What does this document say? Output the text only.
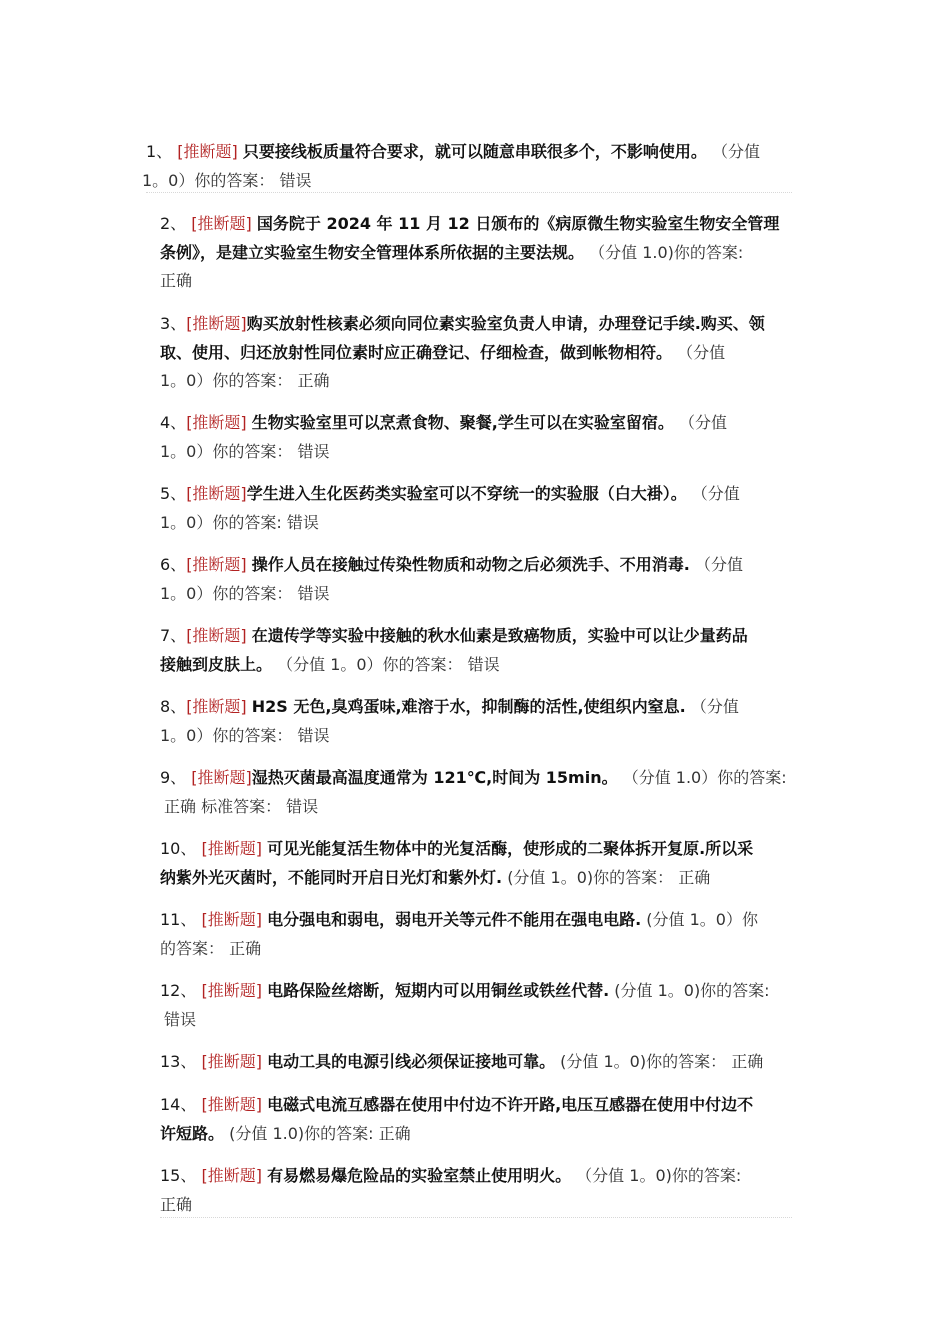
1、 [推断题] 只要接线板质量符合要求，就可以随意串联很多个，不影响使用。 （分值
1。0）你的答案： 错误
2、 [推断题] 国务院于 2024 年 11 月 12 日颁布的《病原微生物实验室生物安全管理
条例》，是建立实验室生物安全管理体系所依据的主要法规。 （分值 1.0)你的答案:
正确
3、[推断题]购买放射性核素必须向同位素实验室负责人申请，办理登记手续.购买、领
取、使用、归还放射性同位素时应正确登记、仔细检查，做到帐物相符。 （分值
1。0）你的答案： 正确
4、[推断题] 生物实验室里可以烹煮食物、聚餐,学生可以在实验室留宿。 （分值
1。0）你的答案： 错误
5、[推断题]学生进入生化医药类实验室可以不穿统一的实验服（白大褂）。 （分值
1。0）你的答案: 错误
6、[推断题] 操作人员在接触过传染性物质和动物之后必须洗手、不用消毒. （分值
1。0）你的答案： 错误
7、[推断题] 在遗传学等实验中接触的秋水仙素是致癌物质，实验中可以让少量药品
接触到皮肤上。 （分值 1。0）你的答案： 错误
8、[推断题] H2S 无色,臭鸡蛋味,难溶于水，抑制酶的活性,使组织内窒息. （分值
1。0）你的答案： 错误
9、 [推断题]湿热灭菌最高温度通常为 121℃,时间为 15min。 （分值 1.0）你的答案:
正确 标准答案： 错误
10、 [推断题] 可见光能复活生物体中的光复活酶，使形成的二聚体拆开复原.所以采
纳紫外光灭菌时，不能同时开启日光灯和紫外灯. (分值 1。0)你的答案： 正确
11、 [推断题] 电分强电和弱电，弱电开关等元件不能用在强电电路. (分值 1。0）你
的答案： 正确
12、 [推断题] 电路保险丝熔断，短期内可以用铜丝或铁丝代替. (分值 1。0)你的答案:
错误
13、 [推断题] 电动工具的电源引线必须保证接地可靠。 (分值 1。0)你的答案： 正确
14、 [推断题] 电磁式电流互感器在使用中付边不许开路,电压互感器在使用中付边不
许短路。 (分值 1.0)你的答案: 正确
15、 [推断题] 有易燃易爆危险品的实验室禁止使用明火。 （分值 1。0)你的答案:
正确
